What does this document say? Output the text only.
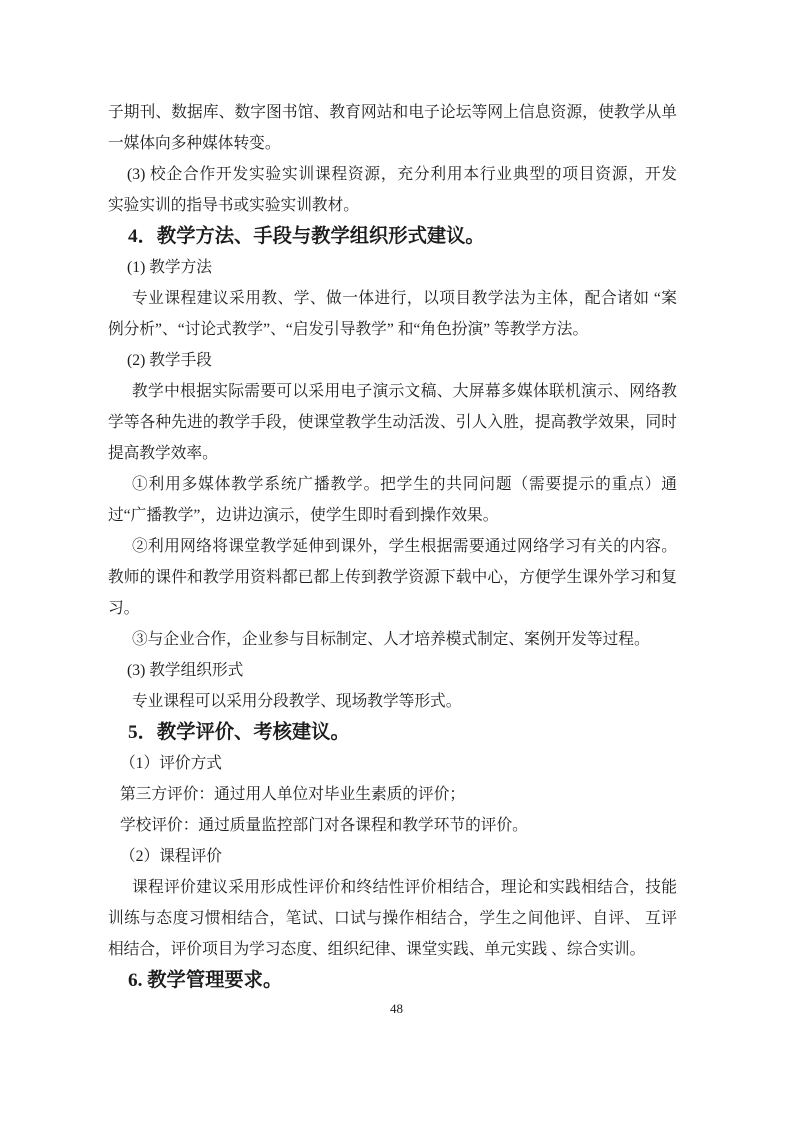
子期刊、数据库、数字图书馆、教育网站和电子论坛等网上信息资源，使教学从单
一媒体向多种媒体转变。
(3) 校企合作开发实验实训课程资源，充分利用本行业典型的项目资源，开发
实验实训的指导书或实验实训教材。
4．教学方法、手段与教学组织形式建议。
(1) 教学方法
专业课程建议采用教、学、做一体进行，以项目教学法为主体，配合诸如 “案
例分析”、“讨论式教学”、“启发引导教学” 和“角色扮演” 等教学方法。
(2) 教学手段
教学中根据实际需要可以采用电子演示文稿、大屏幕多媒体联机演示、网络教
学等各种先进的教学手段，使课堂教学生动活泼、引人入胜，提高教学效果，同时
提高教学效率。
①利用多媒体教学系统广播教学。把学生的共同问题（需要提示的重点）通
过“广播教学”，边讲边演示，使学生即时看到操作效果。
②利用网络将课堂教学延伸到课外，学生根据需要通过网络学习有关的内容。
教师的课件和教学用资料都已都上传到教学资源下载中心，方便学生课外学习和复
习。
③与企业合作，企业参与目标制定、人才培养模式制定、案例开发等过程。
(3) 教学组织形式
专业课程可以采用分段教学、现场教学等形式。
5．教学评价、考核建议。
（1）评价方式
第三方评价：通过用人单位对毕业生素质的评价；
学校评价：通过质量监控部门对各课程和教学环节的评价。
（2）课程评价
课程评价建议采用形成性评价和终结性评价相结合，理论和实践相结合，技能
训练与态度习惯相结合，笔试、口试与操作相结合，学生之间他评、自评、 互评
相结合，评价项目为学习态度、组织纪律、课堂实践、单元实践 、综合实训。
6. 教学管理要求。
48
